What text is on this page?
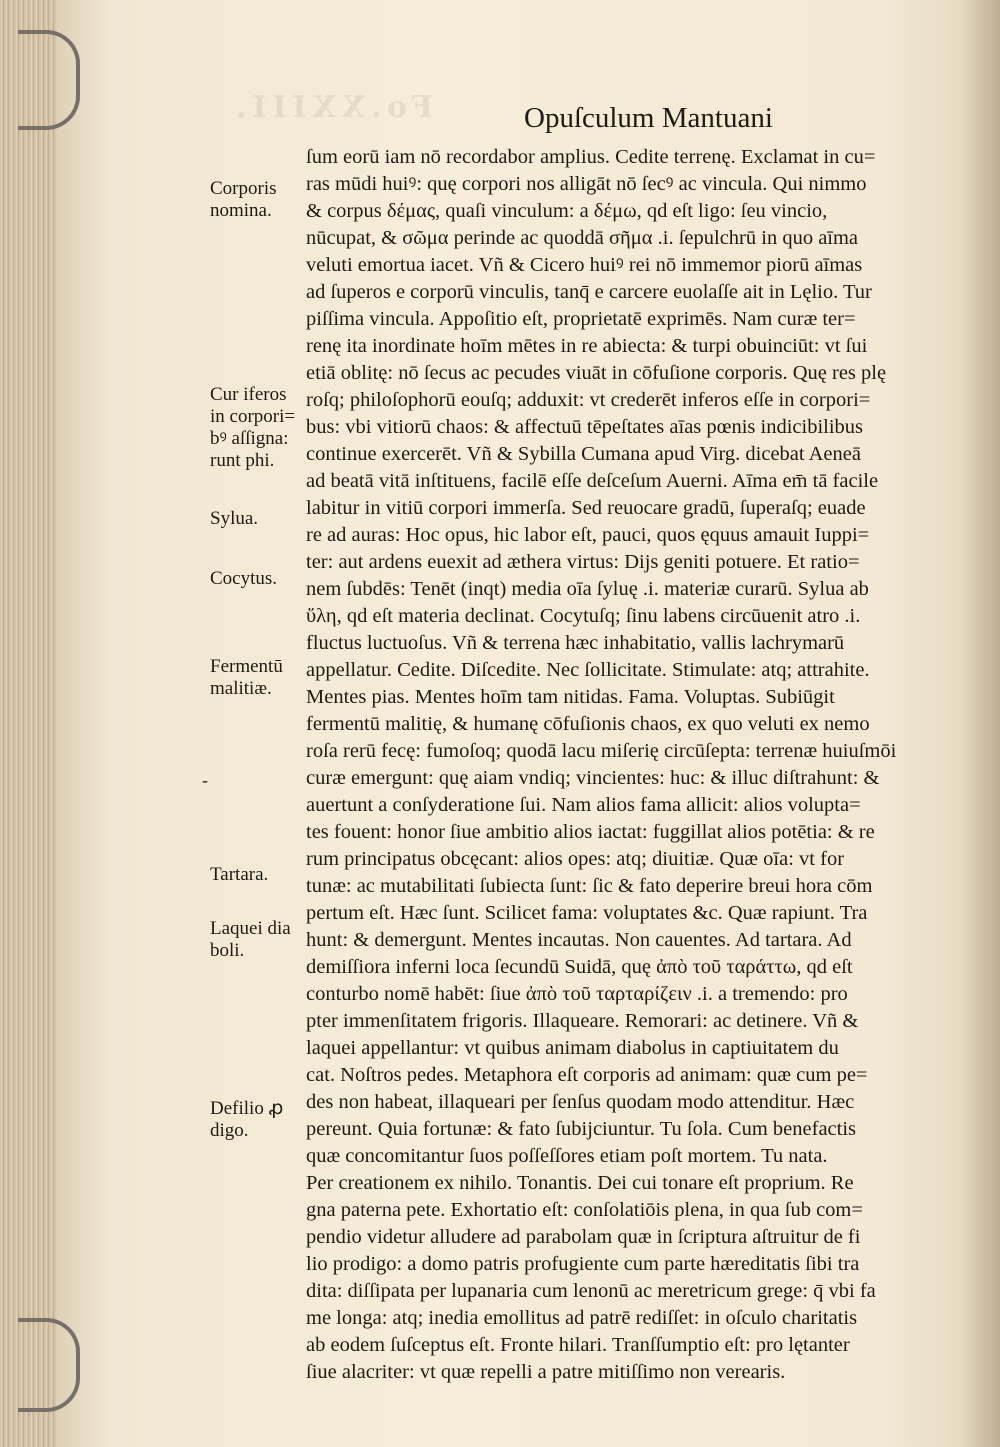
Fo.XXIII.	Opuſculum Mantuani
Corporis
nomina.
Cur iferos
in corpori=
bꝰ aſſigna:
runt phi.
Sylua.
Cocytus.
Fermentū
malitiæ.
-
Tartara.
Laquei dia
boli.
Defilio ꝓ
digo.
ſum eorū iam nō recordabor amplius. Cedite terrenę. Exclamat in cu=
ras mūdi huiꝰ: quę corpori nos alligāt nō ſecꝰ ac vincula. Qui nimmo
& corpus δέμας, quaſi vinculum: a δέμω, qd eſt ligo: ſeu vincio,
nūcupat, & σῶμα perinde ac quoddā σῆμα .i. ſepulchrū in quo aīma
veluti emortua iacet. Vñ & Cicero huiꝰ rei nō immemor piorū aīmas
ad ſuperos e corporū vinculis, tanq̄ e carcere euolaſſe ait in Lęlio. Tur
piſſima vincula. Appoſitio eſt, proprietatē exprimēs. Nam curæ ter=
renę ita inordinate hoīm mētes in re abiecta: & turpi obuinciūt: vt ſui
etiā oblitę: nō ſecus ac pecudes viuāt in cōfuſione corporis. Quę res plę
roſq; philoſophorū eouſq; adduxit: vt crederēt inferos eſſe in corpori=
bus: vbi vitiorū chaos: & affectuū tēpeſtates aīas pœnis indicibilibus
continue exercerēt. Vñ & Sybilla Cumana apud Virg. dicebat Aeneā
ad beatā vitā inſtituens, facilē eſſe deſceſum Auerni. Aīma em̄ tā facile
labitur in vitiū corpori immerſa. Sed reuocare gradū, ſuperaſq; euade
re ad auras: Hoc opus, hic labor eſt, pauci, quos ęquus amauit Iuppi=
ter: aut ardens euexit ad æthera virtus: Dijs geniti potuere. Et ratio=
nem ſubdēs: Tenēt (inqt) media oīa ſyluę .i. materiæ curarū. Sylua ab
ὕλη, qd eſt materia declinat. Cocytuſq; ſinu labens circūuenit atro .i.
fluctus luctuoſus. Vñ & terrena hæc inhabitatio, vallis lachrymarū
appellatur. Cedite. Diſcedite. Nec ſollicitate. Stimulate: atq; attrahite.
Mentes pias. Mentes hoīm tam nitidas. Fama. Voluptas. Subiūgit
fermentū malitię, & humanę cōfuſionis chaos, ex quo veluti ex nemo
roſa rerū fecę: fumoſoq; quodā lacu miſerię circūſepta: terrenæ huiuſmōi
curæ emergunt: quę aiam vndiq; vincientes: huc: & illuc diſtrahunt: &
auertunt a conſyderatione ſui. Nam alios fama allicit: alios volupta=
tes fouent: honor ſiue ambitio alios iactat: fuggillat alios potētia: & re
rum principatus obcęcant: alios opes: atq; diuitiæ. Quæ oīa: vt for
tunæ: ac mutabilitati ſubiecta ſunt: ſic & fato deperire breui hora cōm
pertum eſt. Hæc ſunt. Scilicet fama: voluptates &c. Quæ rapiunt. Tra
hunt: & demergunt. Mentes incautas. Non cauentes. Ad tartara. Ad
demiſſiora inferni loca ſecundū Suidā, quę ἀπὸ τοῦ ταράττω, qd eſt
conturbo nomē habēt: ſiue ἀπὸ τοῦ ταρταρίζειν .i. a tremendo: pro
pter immenſitatem frigoris. Illaqueare. Remorari: ac detinere. Vñ &
laquei appellantur: vt quibus animam diabolus in captiuitatem du
cat. Noſtros pedes. Metaphora eſt corporis ad animam: quæ cum pe=
des non habeat, illaqueari per ſenſus quodam modo attenditur. Hæc
pereunt. Quia fortunæ: & fato ſubijciuntur. Tu ſola. Cum benefactis
quæ concomitantur ſuos poſſeſſores etiam poſt mortem. Tu nata.
Per creationem ex nihilo. Tonantis. Dei cui tonare eſt proprium. Re
gna paterna pete. Exhortatio eſt: conſolatiōis plena, in qua ſub com=
pendio videtur alludere ad parabolam quæ in ſcriptura aſtruitur de fi
lio prodigo: a domo patris profugiente cum parte hæreditatis ſibi tra
dita: diſſipata per lupanaria cum lenonū ac meretricum grege: q̄ vbi fa
me longa: atq; inedia emollitus ad patrē rediſſet: in oſculo charitatis
ab eodem ſuſceptus eſt. Fronte hilari. Tranſſumptio eſt: pro lętanter
ſiue alacriter: vt quæ repelli a patre mitiſſimo non verearis.
